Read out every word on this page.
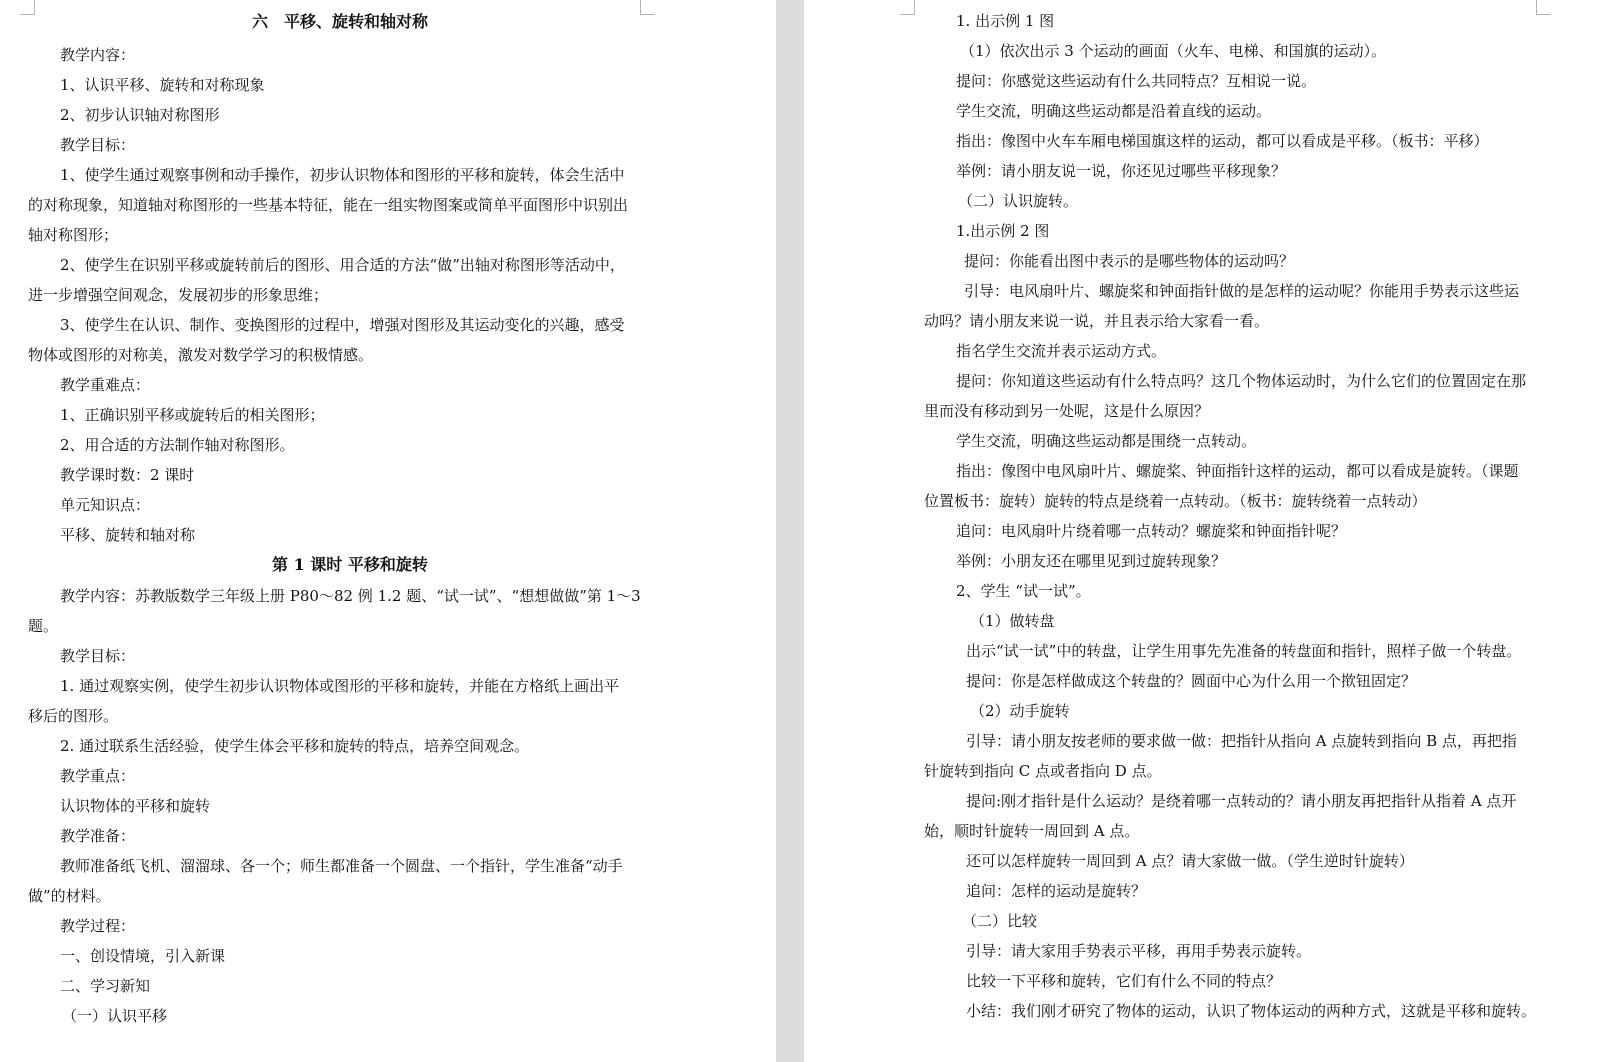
六　平移、旋转和轴对称
教学内容：
1、认识平移、旋转和对称现象
2、初步认识轴对称图形
教学目标：
1、使学生通过观察事例和动手操作，初步认识物体和图形的平移和旋转，体会生活中
的对称现象，知道轴对称图形的一些基本特征，能在一组实物图案或简单平面图形中识别出
轴对称图形；
2、使学生在识别平移或旋转前后的图形、用合适的方法“做”出轴对称图形等活动中，
进一步增强空间观念，发展初步的形象思维；
3、使学生在认识、制作、变换图形的过程中，增强对图形及其运动变化的兴趣，感受
物体或图形的对称美，激发对数学学习的积极情感。
教学重难点：
1、正确识别平移或旋转后的相关图形；
2、用合适的方法制作轴对称图形。
教学课时数：2 课时
单元知识点：
平移、旋转和轴对称
第 1 课时 平移和旋转
教学内容：苏教版数学三年级上册 P80～82 例 1.2 题、“试一试”、“想想做做”第 1～3
题。
教学目标：
1. 通过观察实例，使学生初步认识物体或图形的平移和旋转，并能在方格纸上画出平
移后的图形。
2. 通过联系生活经验，使学生体会平移和旋转的特点，培养空间观念。
教学重点：
认识物体的平移和旋转
教学准备：
教师准备纸飞机、溜溜球、各一个；师生都准备一个圆盘、一个指针，学生准备“动手
做”的材料。
教学过程：
一、创设情境，引入新课
二、学习新知
（一）认识平移
1. 出示例 1 图
（1）依次出示 3 个运动的画面（火车、电梯、和国旗的运动）。
提问：你感觉这些运动有什么共同特点？互相说一说。
学生交流，明确这些运动都是沿着直线的运动。
指出：像图中火车车厢电梯国旗这样的运动，都可以看成是平移。（板书：平移）
举例：请小朋友说一说，你还见过哪些平移现象？
（二）认识旋转。
1.出示例 2 图
提问：你能看出图中表示的是哪些物体的运动吗？
引导：电风扇叶片、螺旋桨和钟面指针做的是怎样的运动呢？你能用手势表示这些运
动吗？请小朋友来说一说，并且表示给大家看一看。
指名学生交流并表示运动方式。
提问：你知道这些运动有什么特点吗？这几个物体运动时，为什么它们的位置固定在那
里而没有移动到另一处呢，这是什么原因？
学生交流，明确这些运动都是围绕一点转动。
指出：像图中电风扇叶片、螺旋桨、钟面指针这样的运动，都可以看成是旋转。（课题
位置板书：旋转）旋转的特点是绕着一点转动。（板书：旋转绕着一点转动）
追问：电风扇叶片绕着哪一点转动？螺旋桨和钟面指针呢？
举例：小朋友还在哪里见到过旋转现象？
2、学生 “试一试”。
（1）做转盘
出示“试一试”中的转盘，让学生用事先先准备的转盘面和指针，照样子做一个转盘。
提问：你是怎样做成这个转盘的？圆面中心为什么用一个揿钮固定？
（2）动手旋转
引导：请小朋友按老师的要求做一做：把指针从指向 A 点旋转到指向 B 点，再把指
针旋转到指向 C 点或者指向 D 点。
提问:刚才指针是什么运动？是绕着哪一点转动的？请小朋友再把指针从指着 A 点开
始，顺时针旋转一周回到 A 点。
还可以怎样旋转一周回到 A 点？请大家做一做。（学生逆时针旋转）
追问：怎样的运动是旋转？
（二）比较
引导：请大家用手势表示平移，再用手势表示旋转。
比较一下平移和旋转，它们有什么不同的特点？
小结：我们刚才研究了物体的运动，认识了物体运动的两种方式，这就是平移和旋转。
